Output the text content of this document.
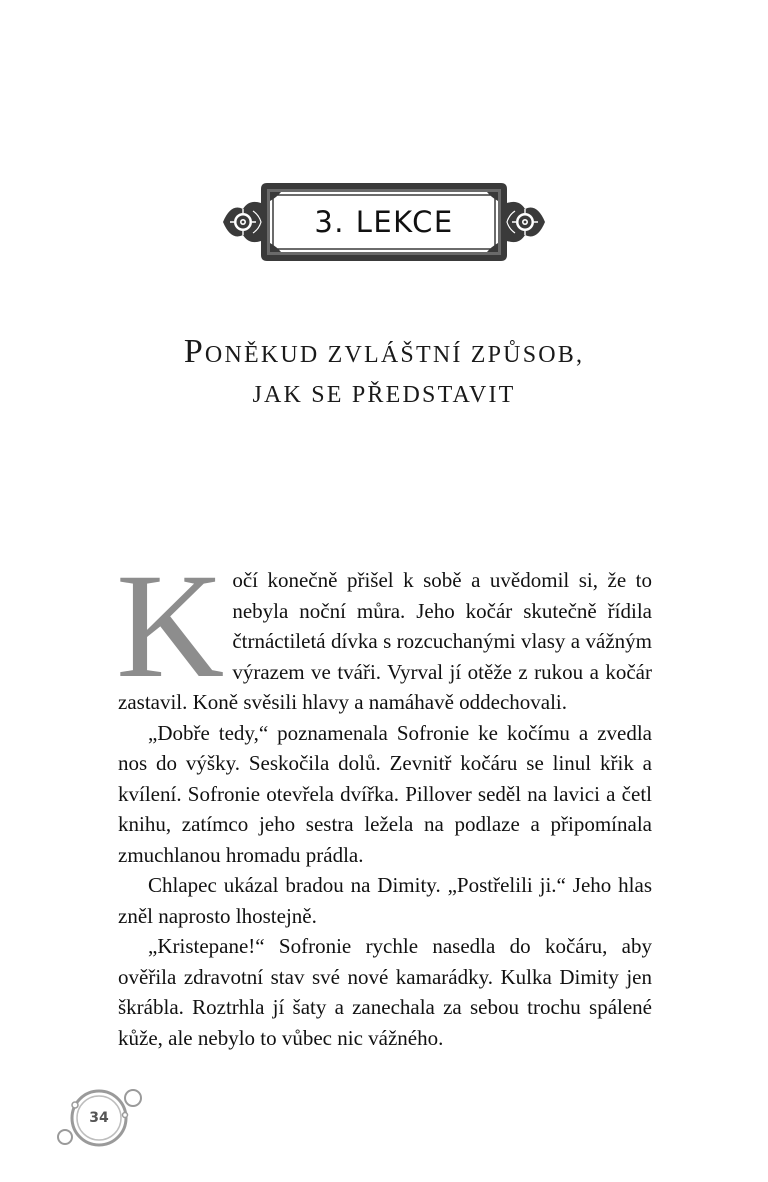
3. LEKCE
PONĚKUD ZVLÁŠTNÍ ZPŮSOB,
JAK SE PŘEDSTAVIT

Kočí konečně přišel k sobě a uvědomil si, že to nebyla noční můra. Jeho kočár skutečně řídila čtrnáctiletá dívka s rozcuchanými vlasy a vážným výrazem ve tváři. Vyrval jí otěže z rukou a kočár zastavil. Koně svěsili hlavy a namáhavě oddechovali.

„Dobře tedy,“ poznamenala Sofronie ke kočímu a zvedla nos do výšky. Seskočila dolů. Zevnitř kočáru se linul křik a kvílení. Sofronie otevřela dvířka. Pillover seděl na lavici a četl knihu, zatímco jeho sestra ležela na podlaze a připomínala zmuchlanou hromadu prádla.

Chlapec ukázal bradou na Dimity. „Postřelili ji.“ Jeho hlas zněl naprosto lhostejně.

„Kristepane!“ Sofronie rychle nasedla do kočáru, aby ověřila zdravotní stav své nové kamarádky. Kulka Dimity jen škrábla. Roztrhla jí šaty a zanechala za sebou trochu spálené kůže, ale nebylo to vůbec nic vážného.

34
